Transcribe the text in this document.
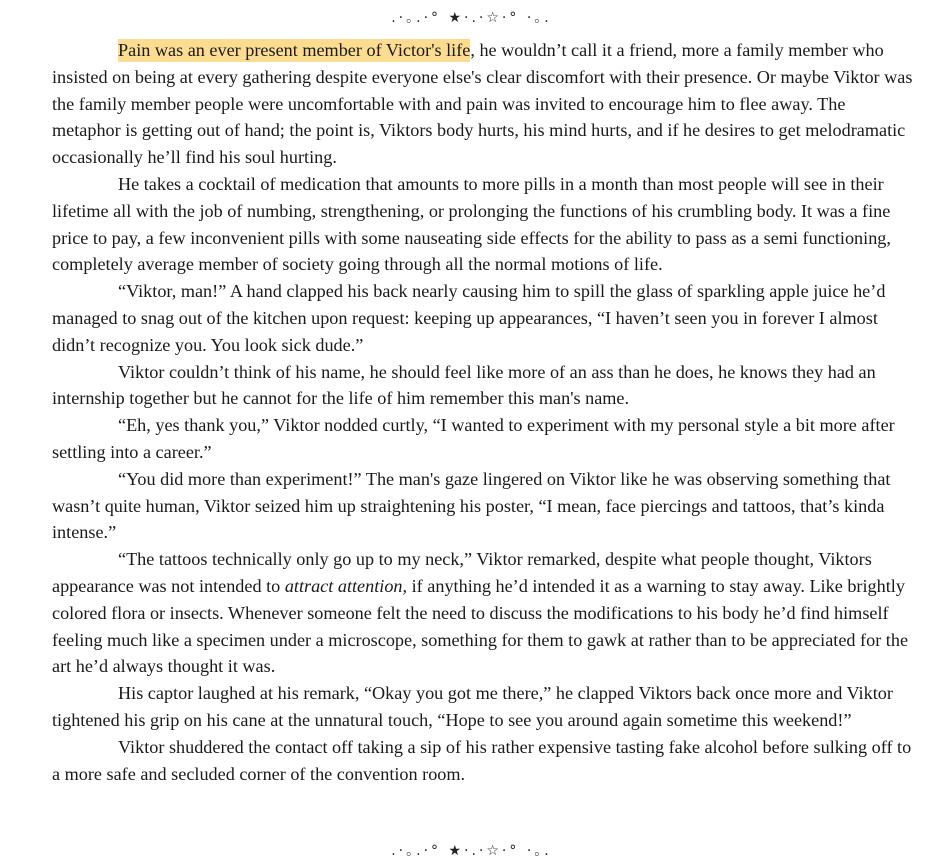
.·｡.·° ★·.·☆·° ·｡.

Pain was an ever present member of Victor's life, he wouldn’t call it a friend, more a family member who insisted on being at every gathering despite everyone else's clear discomfort with their presence. Or maybe Viktor was the family member people were uncomfortable with and pain was invited to encourage him to flee away. The metaphor is getting out of hand; the point is, Viktors body hurts, his mind hurts, and if he desires to get melodramatic occasionally he’ll find his soul hurting.

He takes a cocktail of medication that amounts to more pills in a month than most people will see in their lifetime all with the job of numbing, strengthening, or prolonging the functions of his crumbling body. It was a fine price to pay, a few inconvenient pills with some nauseating side effects for the ability to pass as a semi functioning, completely average member of society going through all the normal motions of life.

“Viktor, man!” A hand clapped his back nearly causing him to spill the glass of sparkling apple juice he’d managed to snag out of the kitchen upon request: keeping up appearances, “I haven’t seen you in forever I almost didn’t recognize you. You look sick dude.”

Viktor couldn’t think of his name, he should feel like more of an ass than he does, he knows they had an internship together but he cannot for the life of him remember this man's name.

“Eh, yes thank you,” Viktor nodded curtly, “I wanted to experiment with my personal style a bit more after settling into a career.”

“You did more than experiment!” The man's gaze lingered on Viktor like he was observing something that wasn’t quite human, Viktor seized him up straightening his poster, “I mean, face piercings and tattoos, that’s kinda intense.”

“The tattoos technically only go up to my neck,” Viktor remarked, despite what people thought, Viktors appearance was not intended to attract attention, if anything he’d intended it as a warning to stay away. Like brightly colored flora or insects. Whenever someone felt the need to discuss the modifications to his body he’d find himself feeling much like a specimen under a microscope, something for them to gawk at rather than to be appreciated for the art he’d always thought it was.

His captor laughed at his remark, “Okay you got me there,” he clapped Viktors back once more and Viktor tightened his grip on his cane at the unnatural touch, “Hope to see you around again sometime this weekend!”

Viktor shuddered the contact off taking a sip of his rather expensive tasting fake alcohol before sulking off to a more safe and secluded corner of the convention room.

.·｡.·° ★·.·☆·° ·｡.
